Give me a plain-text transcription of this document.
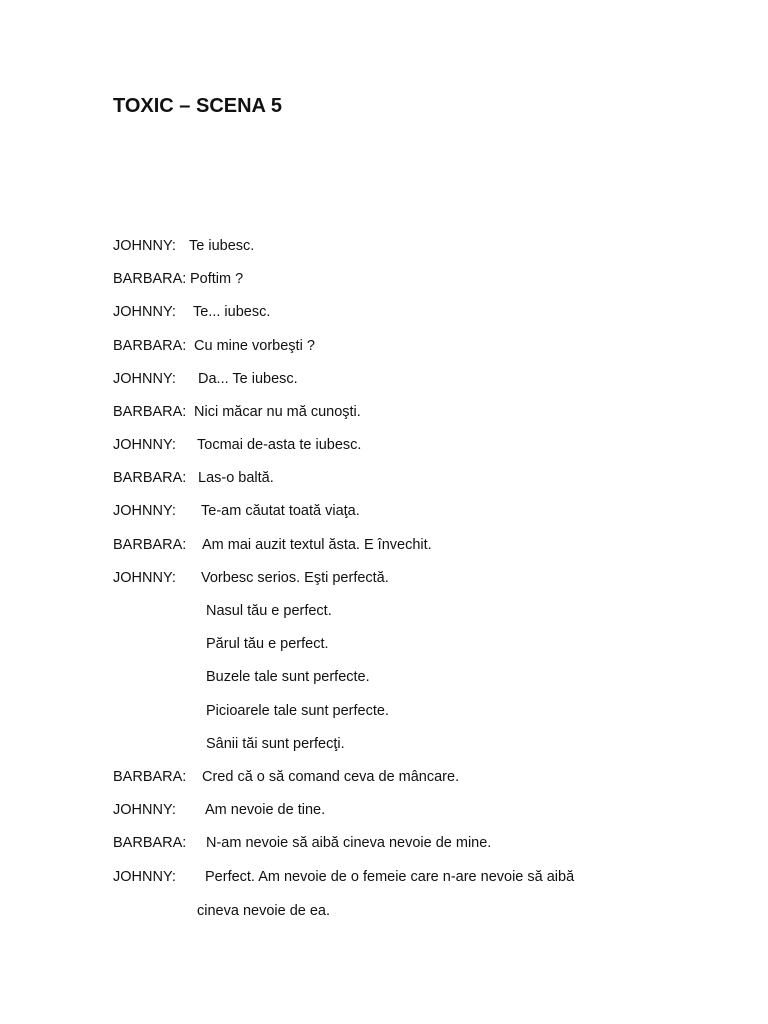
TOXIC – SCENA 5
JOHNNY: Te iubesc.
BARBARA: Poftim ?
JOHNNY: Te... iubesc.
BARBARA: Cu mine vorbeşti ?
JOHNNY: Da... Te iubesc.
BARBARA: Nici măcar nu mă cunoşti.
JOHNNY: Tocmai de-asta te iubesc.
BARBARA: Las-o baltă.
JOHNNY: Te-am căutat toată viaţa.
BARBARA: Am mai auzit textul ăsta. E învechit.
JOHNNY: Vorbesc serios. Eşti perfectă.
Nasul tău e perfect.
Părul tău e perfect.
Buzele tale sunt perfecte.
Picioarele tale sunt perfecte.
Sânii tăi sunt perfecţi.
BARBARA: Cred că o să comand ceva de mâncare.
JOHNNY: Am nevoie de tine.
BARBARA: N-am nevoie să aibă cineva nevoie de mine.
JOHNNY: Perfect. Am nevoie de o femeie care n-are nevoie să aibă
cineva nevoie de ea.
